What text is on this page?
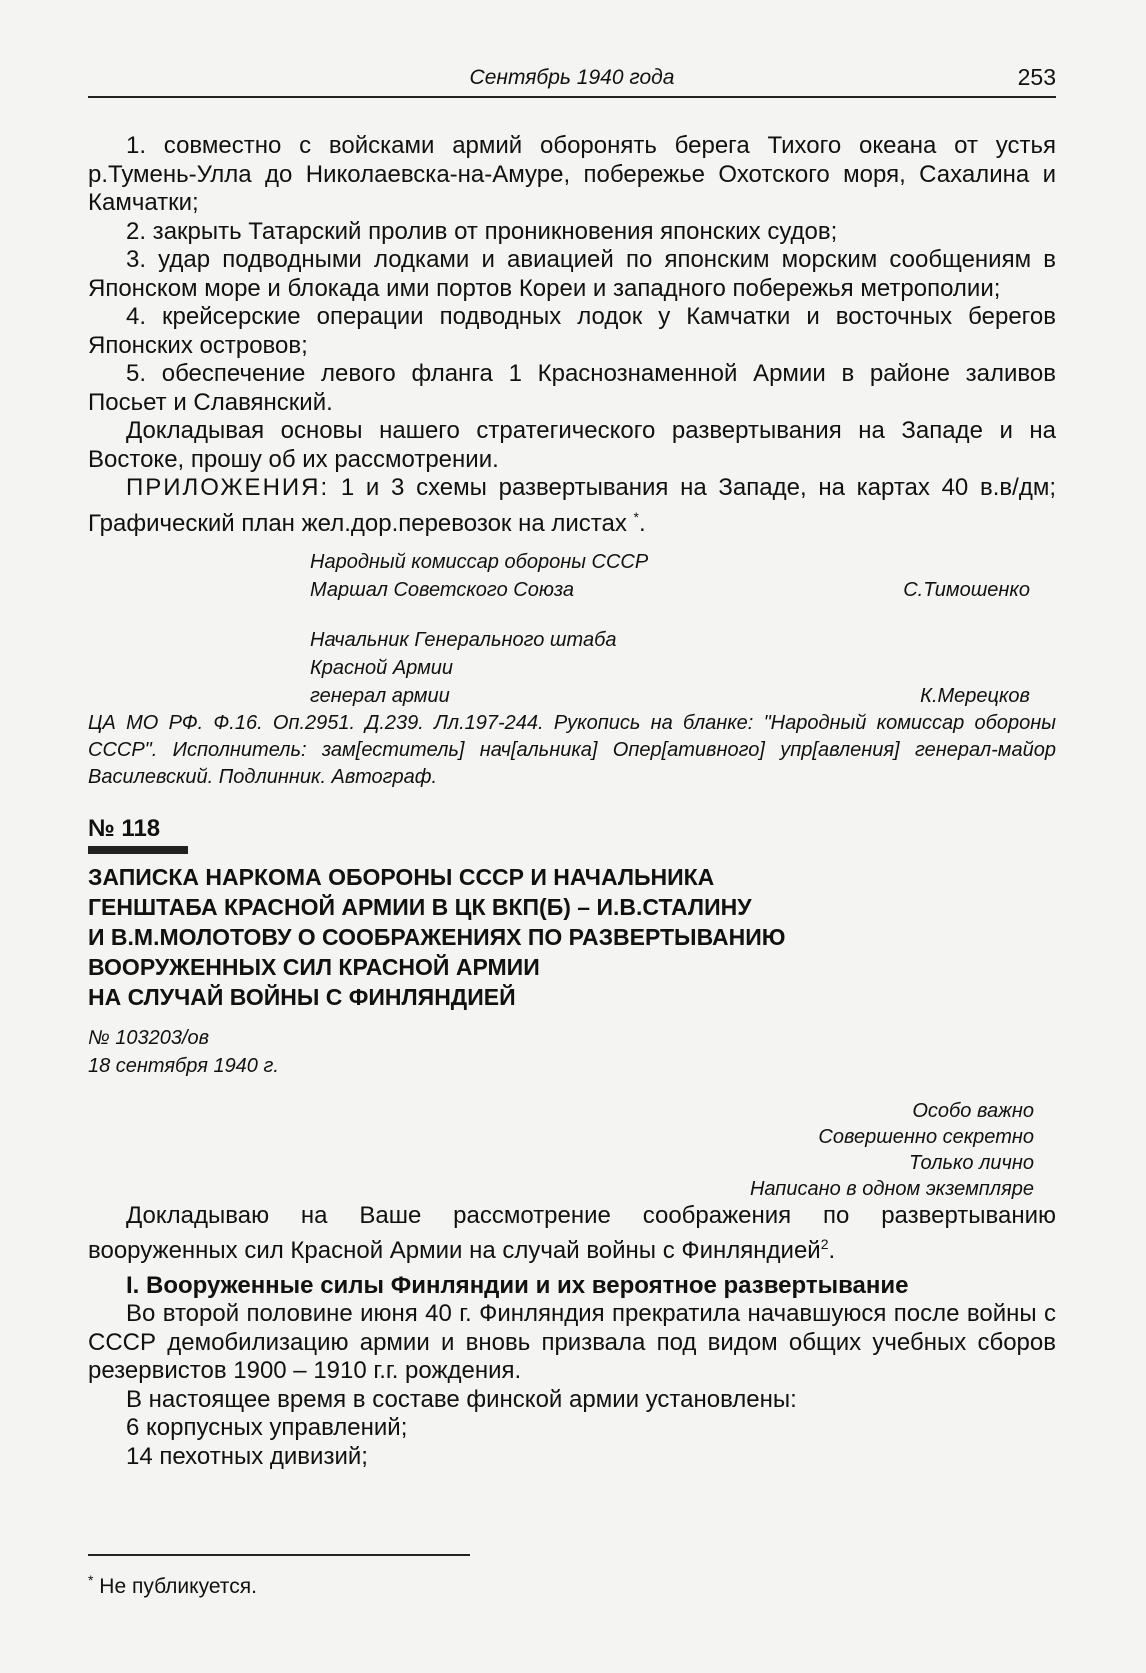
Сентябрь 1940 года	253

1. совместно с войсками армий оборонять берега Тихого океана от устья р.Тумень-Улла до Николаевска-на-Амуре, побережье Охотского моря, Сахалина и Камчатки;

2. закрыть Татарский пролив от проникновения японских судов;

3. удар подводными лодками и авиацией по японским морским сообщениям в Японском море и блокада ими портов Кореи и западного побережья метрополии;

4. крейсерские операции подводных лодок у Камчатки и восточных берегов Японских островов;

5. обеспечение левого фланга 1 Краснознаменной Армии в районе заливов Посьет и Славянский.

Докладывая основы нашего стратегического развертывания на Западе и на Востоке, прошу об их рассмотрении.

ПРИЛОЖЕНИЯ: 1 и 3 схемы развертывания на Западе, на картах 40 в.в/дм; Графический план жел.дор.перевозок на листах *.

Народный комиссар обороны СССР
Маршал Советского Союза	С.Тимошенко
Начальник Генерального штаба
Красной Армии
генерал армии	К.Мерецков

ЦА МО РФ. Ф.16. Оп.2951. Д.239. Лл.197-244. Рукопись на бланке: "Народный комиссар обороны СССР". Исполнитель: зам[еститель] нач[альника] Опер[ативного] упр[авления] генерал-майор Василевский. Подлинник. Автограф.

№ 118
ЗАПИСКА НАРКОМА ОБОРОНЫ СССР И НАЧАЛЬНИКА
ГЕНШТАБА КРАСНОЙ АРМИИ В ЦК ВКП(Б) – И.В.СТАЛИНУ
И В.М.МОЛОТОВУ О СООБРАЖЕНИЯХ ПО РАЗВЕРТЫВАНИЮ
ВООРУЖЕННЫХ СИЛ КРАСНОЙ АРМИИ
НА СЛУЧАЙ ВОЙНЫ С ФИНЛЯНДИЕЙ
№ 103203/ов
18 сентября 1940 г.
Особо важно
Совершенно секретно
Только лично
Написано в одном экземпляре

Докладываю на Ваше рассмотрение соображения по развертыванию вооруженных сил Красной Армии на случай войны с Финляндией$^2$.

I. Вооруженные силы Финляндии и их вероятное развертывание

Во второй половине июня 40 г. Финляндия прекратила начавшуюся после войны с СССР демобилизацию армии и вновь призвала под видом общих учебных сборов резервистов 1900 – 1910 г.г. рождения.

В настоящее время в составе финской армии установлены:

6 корпусных управлений;

14 пехотных дивизий;

* Не публикуется.
